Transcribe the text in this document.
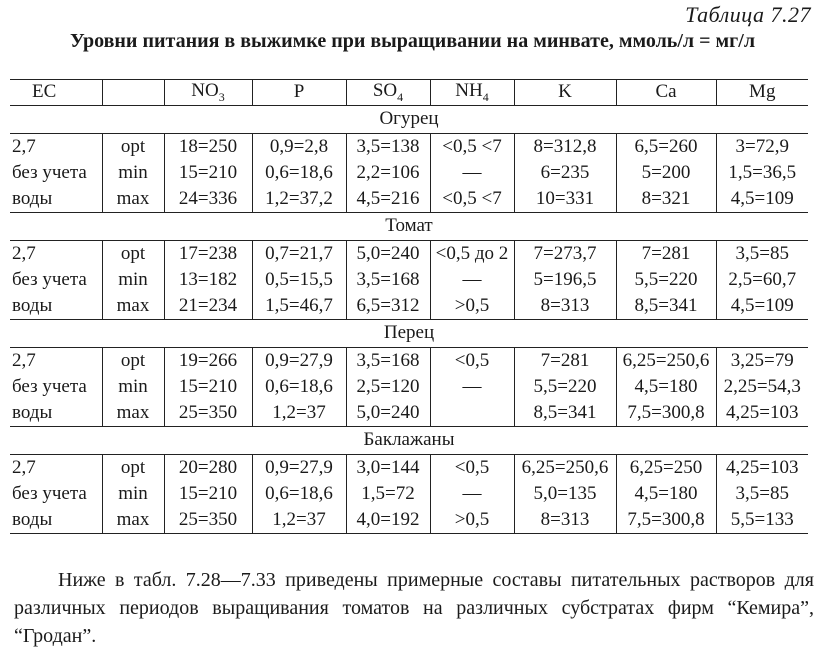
Таблица 7.27
Уровни питания в выжимке при выращивании на минвате, ммоль/л = мг/л
EC		$NO_3$	P	$SO_4$	$NH_4$	K	Ca	Mg
Огурец								
2,7	opt	18=250	0,9=2,8	3,5=138	<0,5 <7	8=312,8	6,5=260	3=72,9
без учета	min	15=210	0,6=18,6	2,2=106	—	6=235	5=200	1,5=36,5
воды	max	24=336	1,2=37,2	4,5=216	<0,5 <7	10=331	8=321	4,5=109
Томат								
2,7	opt	17=238	0,7=21,7	5,0=240	<0,5 до 2	7=273,7	7=281	3,5=85
без учета	min	13=182	0,5=15,5	3,5=168	—	5=196,5	5,5=220	2,5=60,7
воды	max	21=234	1,5=46,7	6,5=312	>0,5	8=313	8,5=341	4,5=109
Перец								
2,7	opt	19=266	0,9=27,9	3,5=168	<0,5	7=281	6,25=250,6	3,25=79
без учета	min	15=210	0,6=18,6	2,5=120	—	5,5=220	4,5=180	2,25=54,3
воды	max	25=350	1,2=37	5,0=240		8,5=341	7,5=300,8	4,25=103
Баклажаны								
2,7	opt	20=280	0,9=27,9	3,0=144	<0,5	6,25=250,6	6,25=250	4,25=103
без учета	min	15=210	0,6=18,6	1,5=72	—	5,0=135	4,5=180	3,5=85
воды	max	25=350	1,2=37	4,0=192	>0,5	8=313	7,5=300,8	5,5=133

Ниже в табл. 7.28—7.33 приведены примерные составы питательных растворов для различных периодов выращивания томатов на различных субстратах фирм “Кемира”, “Гродан”.
